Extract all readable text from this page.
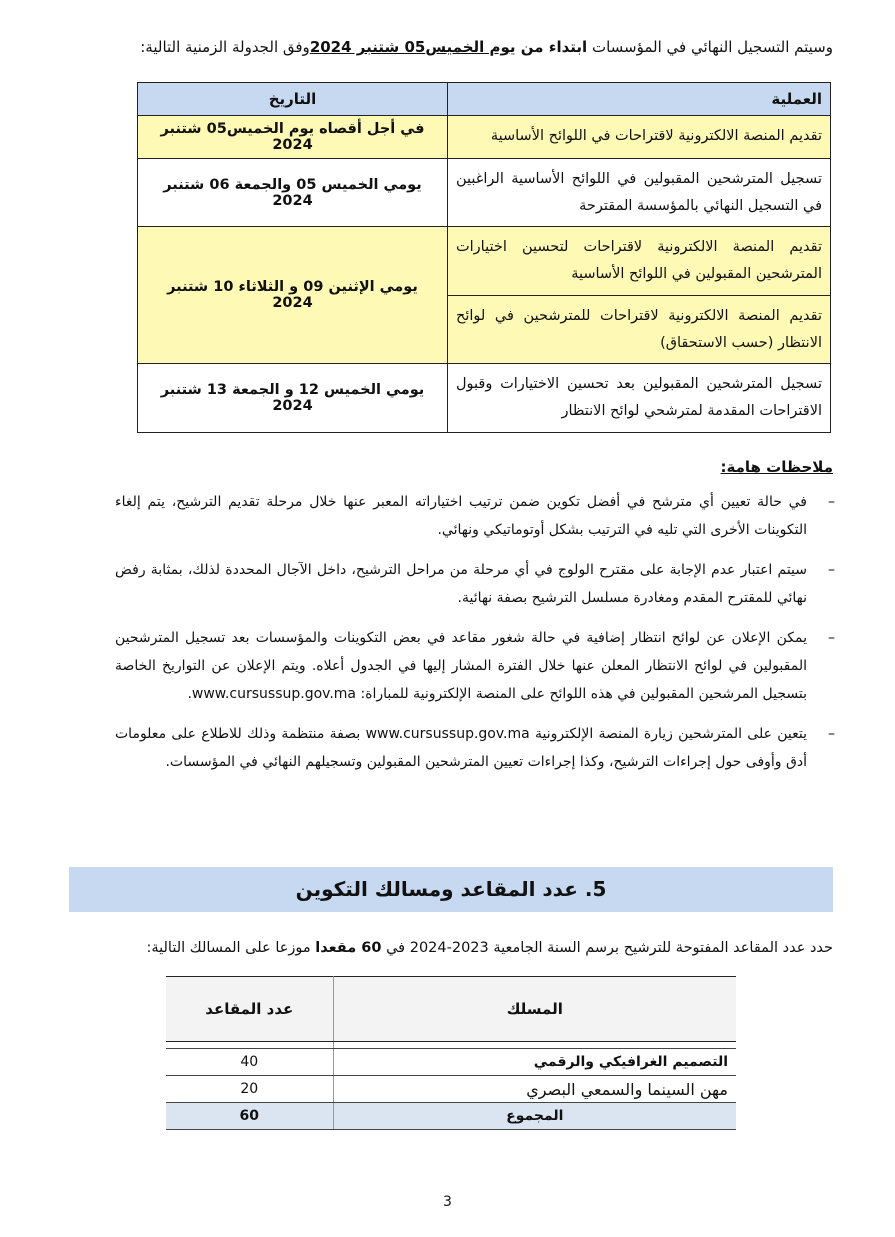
وسيتم التسجيل النهائي في المؤسسات ابتداء من يوم الخميس05 شتنبر 2024وفق الجدولة الزمنية التالية:

العملية	التاريخ
تقديم المنصة الالكترونية لاقتراحات في اللوائح الأساسية	في أجل أقصاه يوم الخميس05 شتنبر 2024
تسجيل المترشحين المقبولين في اللوائح الأساسية الراغبين في التسجيل النهائي بالمؤسسة المقترحة	يومي الخميس 05 والجمعة 06 شتنبر 2024
تقديم المنصة الالكترونية لاقتراحات لتحسين اختيارات المترشحين المقبولين في اللوائح الأساسية	يومي الإثنين 09 و الثلاثاء 10 شتنبر 2024
تقديم المنصة الالكترونية لاقتراحات للمترشحين في لوائح الانتظار (حسب الاستحقاق)	
تسجيل المترشحين المقبولين بعد تحسين الاختيارات وقبول الاقتراحات المقدمة لمترشحي لوائح الانتظار	يومي الخميس 12 و الجمعة 13 شتنبر 2024

ملاحظات هامة:

–
في حالة تعيين أي مترشح في أفضل تكوين ضمن ترتيب اختياراته المعبر عنها خلال مرحلة تقديم الترشيح، يتم إلغاء التكوينات الأخرى التي تليه في الترتيب بشكل أوتوماتيكي ونهائي.
–
سيتم اعتبار عدم الإجابة على مقترح الولوج في أي مرحلة من مراحل الترشيح، داخل الآجال المحددة لذلك، بمثابة رفض نهائي للمقترح المقدم ومغادرة مسلسل الترشيح بصفة نهائية.
–
يمكن الإعلان عن لوائح انتظار إضافية في حالة شغور مقاعد في بعض التكوينات والمؤسسات بعد تسجيل المترشحين المقبولين في لوائح الانتظار المعلن عنها خلال الفترة المشار إليها في الجدول أعلاه. ويتم الإعلان عن التواريخ الخاصة بتسجيل المرشحين المقبولين في هذه اللوائح على المنصة الإلكترونية للمباراة: www.cursussup.gov.ma.
–
يتعين على المترشحين زيارة المنصة الإلكترونية www.cursussup.gov.ma بصفة منتظمة وذلك للاطلاع على معلومات أدق وأوفى حول إجراءات الترشيح، وكذا إجراءات تعيين المترشحين المقبولين وتسجيلهم النهائي في المؤسسات.
5. عدد المقاعد ومسالك التكوين

حدد عدد المقاعد المفتوحة للترشيح برسم السنة الجامعية 2023-2024 في 60 مقعدا موزعا على المسالك التالية:

المسلك	عدد المقاعد

التصميم الغرافيكي والرقمي	40
مهن السينما والسمعي البصري	20
المجموع	60
3
